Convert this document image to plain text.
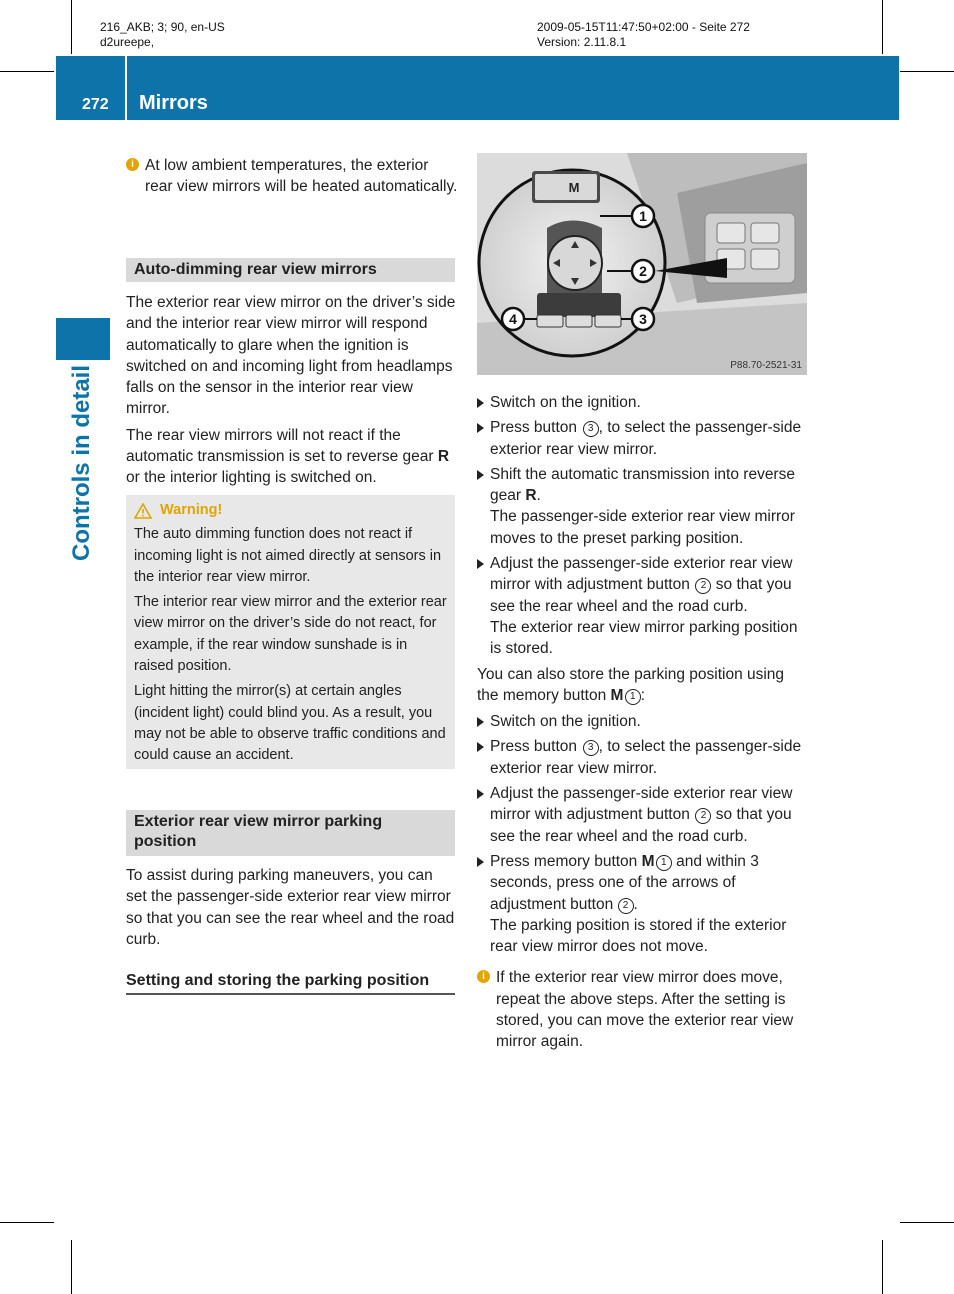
216_AKB; 3; 90, en-US
d2ureepe,
2009-05-15T11:47:50+02:00 - Seite 272
Version: 2.11.8.1
272 Mirrors
Controls in detail
i At low ambient temperatures, the exterior rear view mirrors will be heated automatically.
Auto-dimming rear view mirrors

The exterior rear view mirror on the driver’s side and the interior rear view mirror will respond automatically to glare when the ignition is switched on and incoming light from headlamps falls on the sensor in the interior rear view mirror.

The rear view mirrors will not react if the automatic transmission is set to reverse gear R or the interior lighting is switched on.

Warning!

The auto dimming function does not react if incoming light is not aimed directly at sensors in the interior rear view mirror.

The interior rear view mirror and the exterior rear view mirror on the driver’s side do not react, for example, if the rear window sunshade is in raised position.

Light hitting the mirror(s) at certain angles (incident light) could blind you. As a result, you may not be able to observe traffic conditions and could cause an accident.

Exterior rear view mirror parking position

To assist during parking maneuvers, you can set the passenger-side exterior rear view mirror so that you can see the rear wheel and the road curb.

Setting and storing the parking position
M
1
2
3
4
P88.70-2521-31
Switch on the ignition.
Press button  3 , to select the passenger-side exterior rear view mirror.
Shift the automatic transmission into reverse gear R.
The passenger-side exterior rear view mirror moves to the preset parking position.
Adjust the passenger-side exterior rear view mirror with adjustment button  2 so that you see the rear wheel and the road curb.
The exterior rear view mirror parking position is stored.

You can also store the parking position using the memory button M  1 :

Switch on the ignition.
Press button  3 , to select the passenger-side exterior rear view mirror.
Adjust the passenger-side exterior rear view mirror with adjustment button  2 so that you see the rear wheel and the road curb.
Press memory button M  1 and within 3 seconds, press one of the arrows of adjustment button 2 .
The parking position is stored if the exterior rear view mirror does not move.
i If the exterior rear view mirror does move, repeat the above steps. After the setting is stored, you can move the exterior rear view mirror again.
